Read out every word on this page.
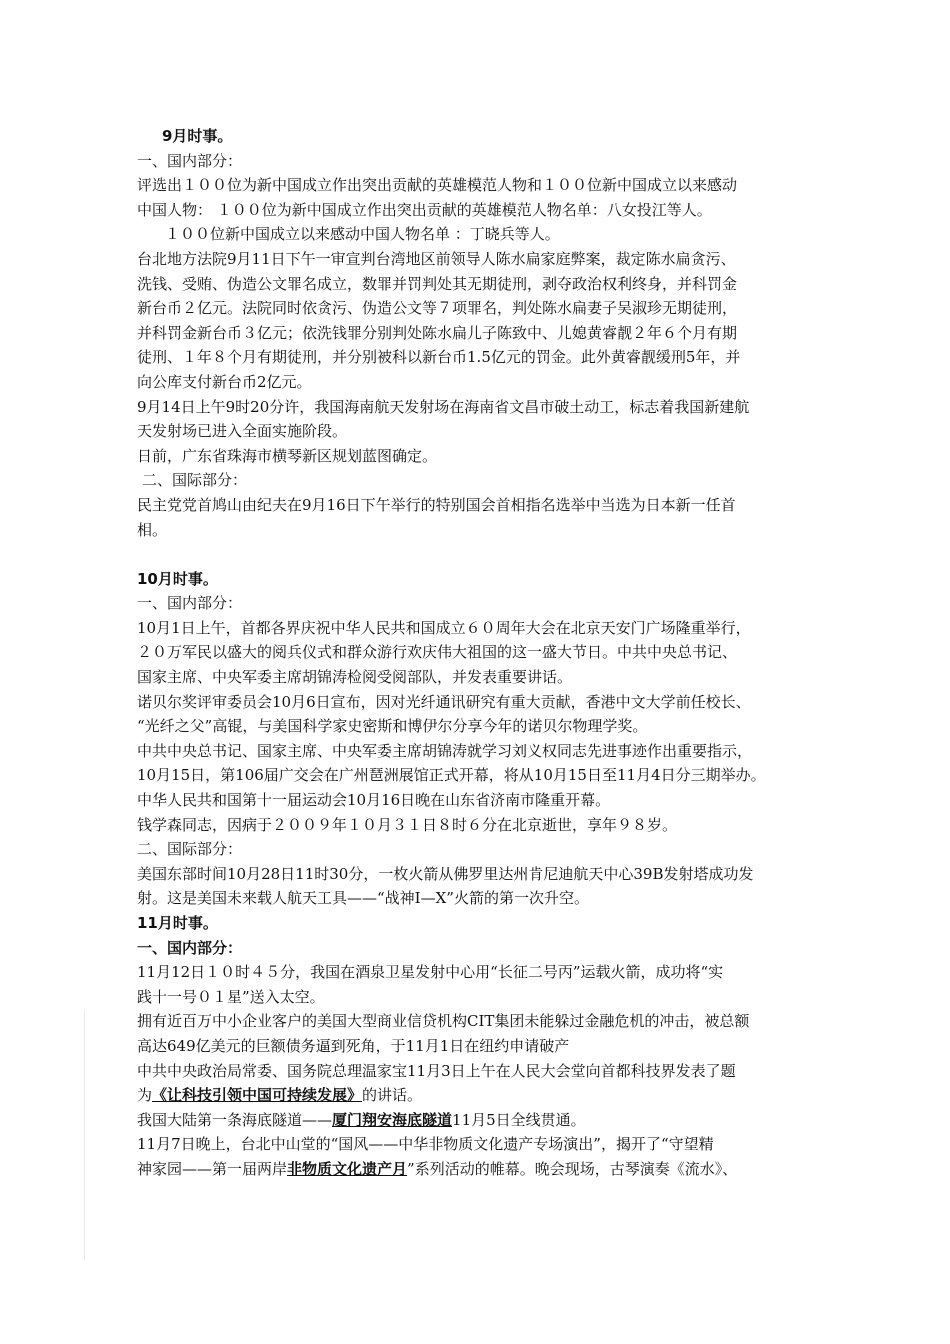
9月时事。
一、国内部分：
评选出１００位为新中国成立作出突出贡献的英雄模范人物和１００位新中国成立以来感动
中国人物： １００位为新中国成立作出突出贡献的英雄模范人物名单：八女投江等人。
１００位新中国成立以来感动中国人物名单 ：丁晓兵等人。
台北地方法院9月11日下午一审宣判台湾地区前领导人陈水扁家庭弊案，裁定陈水扁贪污、
洗钱、受贿、伪造公文罪名成立，数罪并罚判处其无期徒刑，剥夺政治权利终身，并科罚金
新台币２亿元。法院同时依贪污、伪造公文等７项罪名，判处陈水扁妻子吴淑珍无期徒刑，
并科罚金新台币３亿元；依洗钱罪分别判处陈水扁儿子陈致中、儿媳黄睿靓２年６个月有期
徒刑、１年８个月有期徒刑，并分别被科以新台币1.5亿元的罚金。此外黄睿靓缓刑5年，并
向公库支付新台币2亿元。
9月14日上午9时20分许，我国海南航天发射场在海南省文昌市破土动工，标志着我国新建航
天发射场已进入全面实施阶段。
日前，广东省珠海市横琴新区规划蓝图确定。
二、国际部分：
民主党党首鸠山由纪夫在9月16日下午举行的特别国会首相指名选举中当选为日本新一任首
相。
10月时事。
一、国内部分：
10月1日上午，首都各界庆祝中华人民共和国成立６０周年大会在北京天安门广场隆重举行，
２０万军民以盛大的阅兵仪式和群众游行欢庆伟大祖国的这一盛大节日。中共中央总书记、
国家主席、中央军委主席胡锦涛检阅受阅部队，并发表重要讲话。
诺贝尔奖评审委员会10月6日宣布，因对光纤通讯研究有重大贡献，香港中文大学前任校长、
“光纤之父”高锟，与美国科学家史密斯和博伊尔分享今年的诺贝尔物理学奖。
中共中央总书记、国家主席、中央军委主席胡锦涛就学习刘义权同志先进事迹作出重要指示，
10月15日，第106届广交会在广州琶洲展馆正式开幕，将从10月15日至11月4日分三期举办。
中华人民共和国第十一届运动会10月16日晚在山东省济南市隆重开幕。
钱学森同志，因病于２００９年１０月３１日８时６分在北京逝世，享年９８岁。
二、国际部分：
美国东部时间10月28日11时30分，一枚火箭从佛罗里达州肯尼迪航天中心39B发射塔成功发
射。这是美国未来载人航天工具——“战神I—X”火箭的第一次升空。
11月时事。
一、国内部分：
11月12日１０时４５分，我国在酒泉卫星发射中心用“长征二号丙”运载火箭，成功将“实
践十一号０１星”送入太空。
拥有近百万中小企业客户的美国大型商业信贷机构CIT集团未能躲过金融危机的冲击，被总额
高达649亿美元的巨额债务逼到死角，于11月1日在纽约申请破产
中共中央政治局常委、国务院总理温家宝11月3日上午在人民大会堂向首都科技界发表了题
为《让科技引领中国可持续发展》的讲话。
我国大陆第一条海底隧道——厦门翔安海底隧道11月5日全线贯通。
11月7日晚上，台北中山堂的“国风——中华非物质文化遗产专场演出”，揭开了“守望精
神家园——第一届两岸非物质文化遗产月”系列活动的帷幕。晚会现场，古琴演奏《流水》、
